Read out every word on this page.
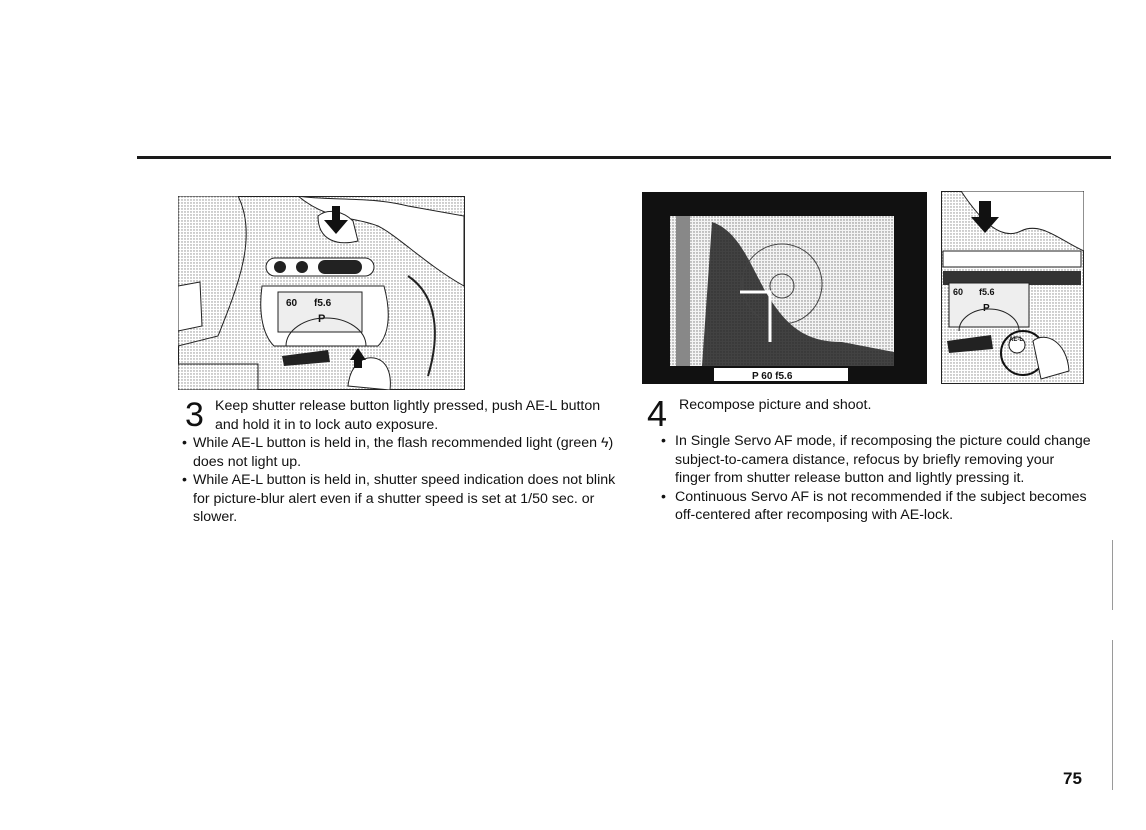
60 f5.6
P
3 Keep shutter release button lightly pressed, push AE-L button and hold it in to lock auto exposure.
• While AE-L button is held in, the flash recommended light (green ϟ) does not light up.
• While AE-L button is held in, shutter speed indication does not blink for picture-blur alert even if a shutter speed is set at 1/50 sec. or slower.
P 60 f5.6
60 f5.6
P
AE-L
4 Recompose picture and shoot.
• In Single Servo AF mode, if recomposing the picture could change subject-to-camera distance, refocus by briefly removing your finger from shutter release button and lightly pressing it.
• Continuous Servo AF is not recommended if the subject becomes off-centered after recomposing with AE-lock.
75
